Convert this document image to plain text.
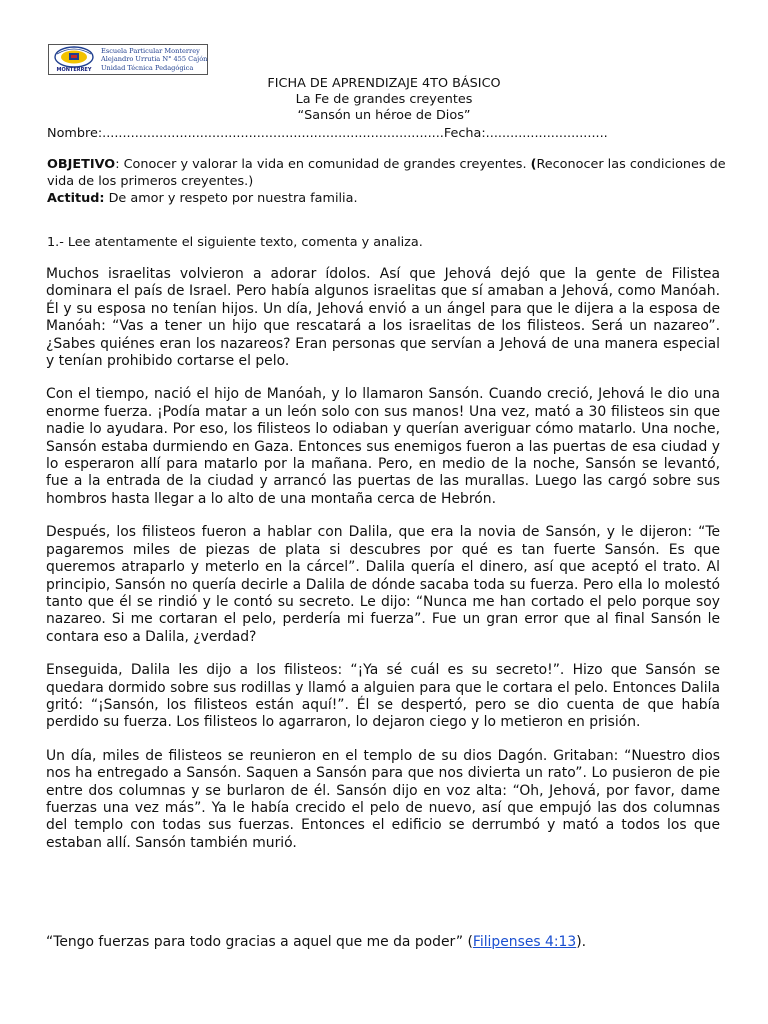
MONTERREY
Escuela Particular Monterrey
Alejandro Urrutia N° 455 Cajón
Unidad Técnica Pedagógica
FICHA DE APRENDIZAJE 4TO BÁSICO
La Fe de grandes creyentes
“Sansón un héroe de Dios”
Nombre:....................................................................................Fecha:..............................
OBJETIVO: Conocer y valorar la vida en comunidad de grandes creyentes. (Reconocer las condiciones de vida de los primeros creyentes.)
Actitud: De amor y respeto por nuestra familia.
1.- Lee atentamente el siguiente texto, comenta y analiza.

Muchos israelitas volvieron a adorar ídolos. Así que Jehová dejó que la gente de Filistea dominara el país de Israel. Pero había algunos israelitas que sí amaban a Jehová, como Manóah. Él y su esposa no tenían hijos. Un día, Jehová envió a un ángel para que le dijera a la esposa de Manóah: “Vas a tener un hijo que rescatará a los israelitas de los filisteos. Será un nazareo”. ¿Sabes quiénes eran los nazareos? Eran personas que servían a Jehová de una manera especial y tenían prohibido cortarse el pelo.

Con el tiempo, nació el hijo de Manóah, y lo llamaron Sansón. Cuando creció, Jehová le dio una enorme fuerza. ¡Podía matar a un león solo con sus manos! Una vez, mató a 30 filisteos sin que nadie lo ayudara. Por eso, los filisteos lo odiaban y querían averiguar cómo matarlo. Una noche, Sansón estaba durmiendo en Gaza. Entonces sus enemigos fueron a las puertas de esa ciudad y lo esperaron allí para matarlo por la mañana. Pero, en medio de la noche, Sansón se levantó, fue a la entrada de la ciudad y arrancó las puertas de las murallas. Luego las cargó sobre sus hombros hasta llegar a lo alto de una montaña cerca de Hebrón.

Después, los filisteos fueron a hablar con Dalila, que era la novia de Sansón, y le dijeron: “Te pagaremos miles de piezas de plata si descubres por qué es tan fuerte Sansón. Es que queremos atraparlo y meterlo en la cárcel”. Dalila quería el dinero, así que aceptó el trato. Al principio, Sansón no quería decirle a Dalila de dónde sacaba toda su fuerza. Pero ella lo molestó tanto que él se rindió y le contó su secreto. Le dijo: “Nunca me han cortado el pelo porque soy nazareo. Si me cortaran el pelo, perdería mi fuerza”. Fue un gran error que al final Sansón le contara eso a Dalila, ¿verdad?

Enseguida, Dalila les dijo a los filisteos: “¡Ya sé cuál es su secreto!”. Hizo que Sansón se quedara dormido sobre sus rodillas y llamó a alguien para que le cortara el pelo. Entonces Dalila gritó: “¡Sansón, los filisteos están aquí!”. Él se despertó, pero se dio cuenta de que había perdido su fuerza. Los filisteos lo agarraron, lo dejaron ciego y lo metieron en prisión.

Un día, miles de filisteos se reunieron en el templo de su dios Dagón. Gritaban: “Nuestro dios nos ha entregado a Sansón. Saquen a Sansón para que nos divierta un rato”. Lo pusieron de pie entre dos columnas y se burlaron de él. Sansón dijo en voz alta: “Oh, Jehová, por favor, dame fuerzas una vez más”. Ya le había crecido el pelo de nuevo, así que empujó las dos columnas del templo con todas sus fuerzas. Entonces el edificio se derrumbó y mató a todos los que estaban allí. Sansón también murió.

“Tengo fuerzas para todo gracias a aquel que me da poder” (Filipenses 4:13).
